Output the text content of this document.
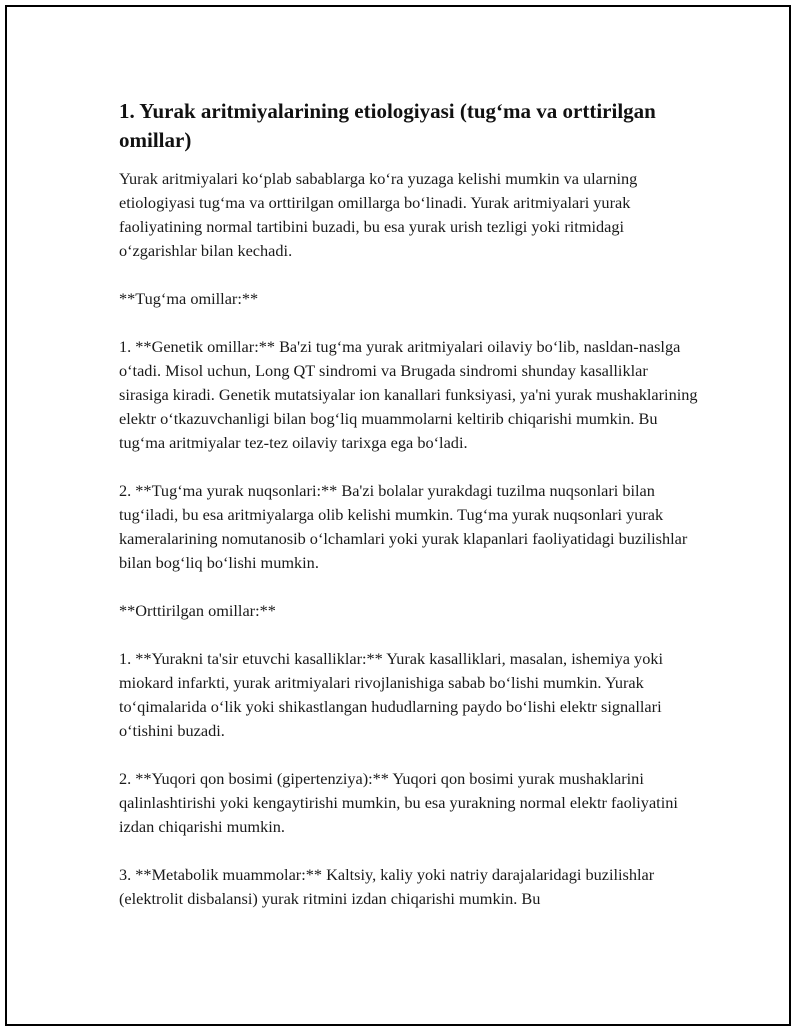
1. Yurak aritmiyalarining etiologiyasi (tug‘ma va orttirilgan omillar)

Yurak aritmiyalari ko‘plab sabablarga ko‘ra yuzaga kelishi mumkin va ularning etiologiyasi tug‘ma va orttirilgan omillarga bo‘linadi. Yurak aritmiyalari yurak faoliyatining normal tartibini buzadi, bu esa yurak urish tezligi yoki ritmidagi o‘zgarishlar bilan kechadi.

**Tug‘ma omillar:**

1. **Genetik omillar:** Ba'zi tug‘ma yurak aritmiyalari oilaviy bo‘lib, nasldan-naslga o‘tadi. Misol uchun, Long QT sindromi va Brugada sindromi shunday kasalliklar sirasiga kiradi. Genetik mutatsiyalar ion kanallari funksiyasi, ya'ni yurak mushaklarining elektr o‘tkazuvchanligi bilan bog‘liq muammolarni keltirib chiqarishi mumkin. Bu tug‘ma aritmiyalar tez-tez oilaviy tarixga ega bo‘ladi.

2. **Tug‘ma yurak nuqsonlari:** Ba'zi bolalar yurakdagi tuzilma nuqsonlari bilan tug‘iladi, bu esa aritmiyalarga olib kelishi mumkin. Tug‘ma yurak nuqsonlari yurak kameralarining nomutanosib o‘lchamlari yoki yurak klapanlari faoliyatidagi buzilishlar bilan bog‘liq bo‘lishi mumkin.

**Orttirilgan omillar:**

1. **Yurakni ta'sir etuvchi kasalliklar:** Yurak kasalliklari, masalan, ishemiya yoki miokard infarkti, yurak aritmiyalari rivojlanishiga sabab bo‘lishi mumkin. Yurak to‘qimalarida o‘lik yoki shikastlangan hududlarning paydo bo‘lishi elektr signallari o‘tishini buzadi.

2. **Yuqori qon bosimi (gipertenziya):** Yuqori qon bosimi yurak mushaklarini qalinlashtirishi yoki kengaytirishi mumkin, bu esa yurakning normal elektr faoliyatini izdan chiqarishi mumkin.

3. **Metabolik muammolar:** Kaltsiy, kaliy yoki natriy darajalaridagi buzilishlar (elektrolit disbalansi) yurak ritmini izdan chiqarishi mumkin. Bu
